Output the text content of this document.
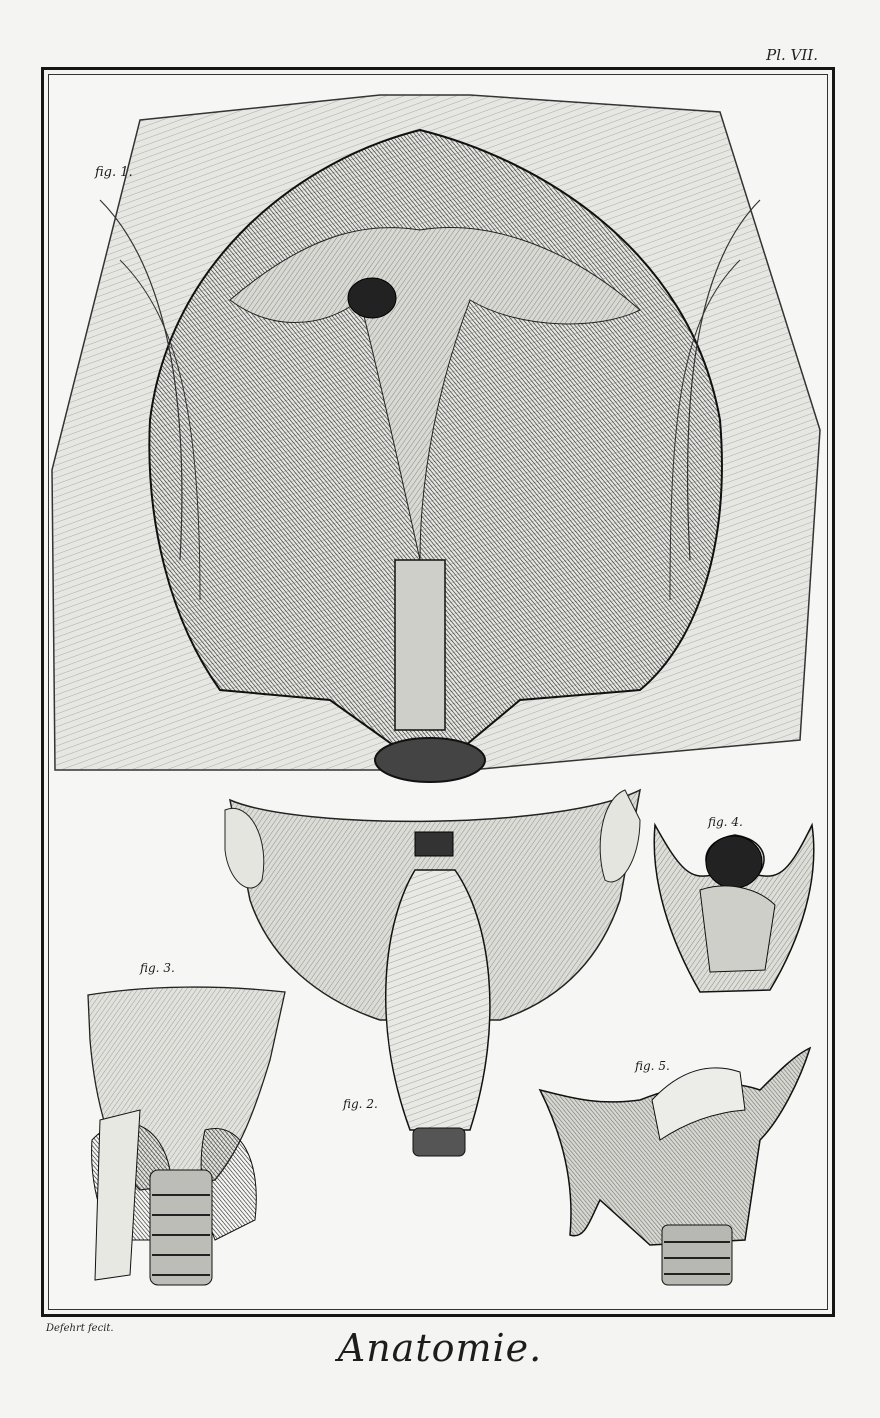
Pl. VII.
fig. 1.
fig. 2.
fig. 3.
fig. 4.
fig. 5.
Defehrt fecit.	Anatomie.
